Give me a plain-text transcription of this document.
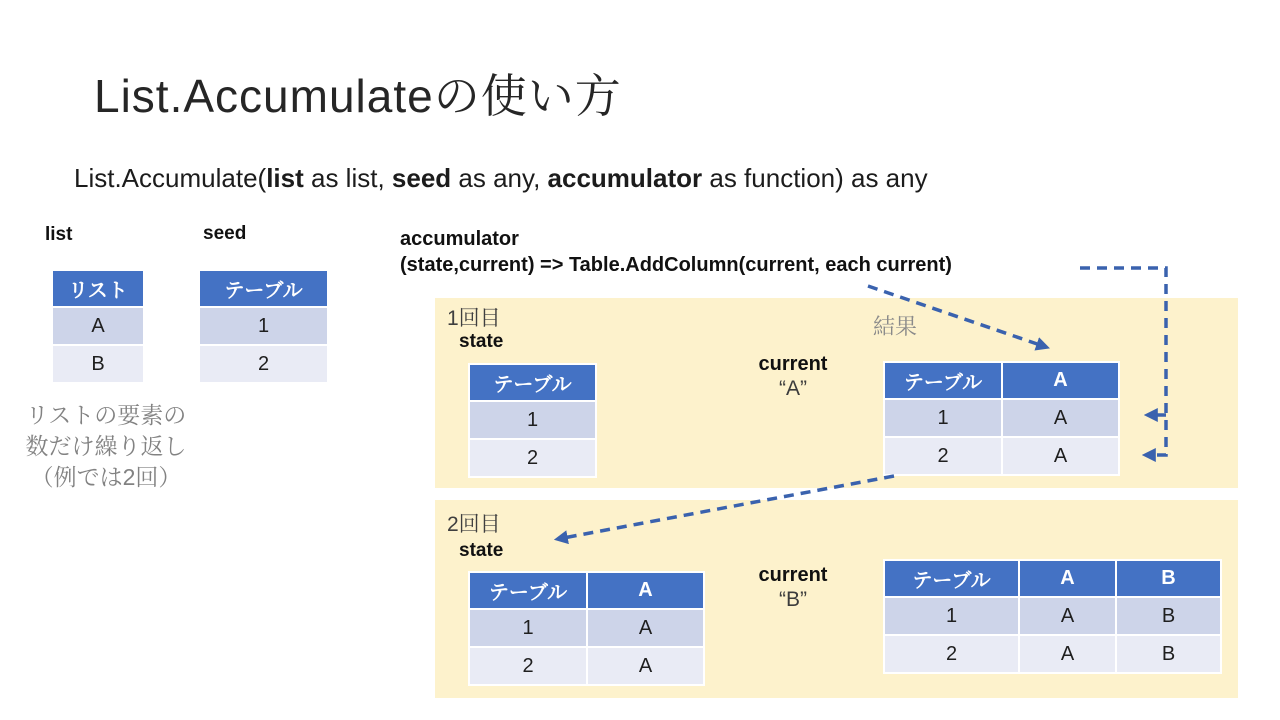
List.Accumulateの使い方
List.Accumulate(list as list, seed as any, accumulator as function) as any
list	seed
リスト
A
B
テーブル
1
2
accumulator
(state,current) => Table.AddColumn(current, each current)
リストの要素の
数だけ繰り返し
（例では2回）
1回目
state
テーブル
1
2
current
“A”
結果
テーブル	A
1	A
2	A
2回目
state
テーブル	A
1	A
2	A
current
“B”
テーブル	A	B
1	A	B
2	A	B
